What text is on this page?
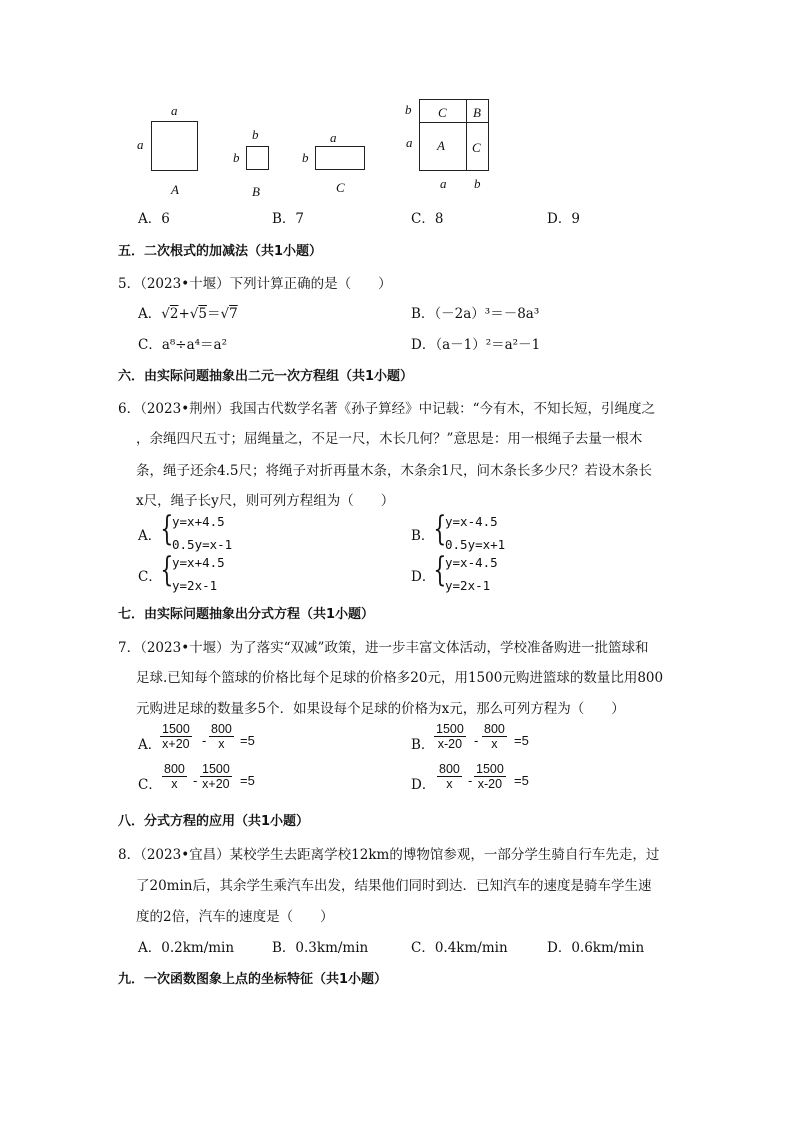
a
a
A
b
b
B
a
b
C
b
a
C B
A C
a b
A．6	B．7	C．8	D．9
五．二次根式的加减法（共1小题）
5．（2023•十堰）下列计算正确的是（　　）
A．√2+√5＝√7	B．（－2a）³＝－8a³
C．a⁸÷a⁴＝a²	D．（a－1）²＝a²－1
六．由实际问题抽象出二元一次方程组（共1小题）
6．（2023•荆州）我国古代数学名著《孙子算经》中记载：“今有木，不知长短，引绳度之
，余绳四尺五寸；屈绳量之，不足一尺，木长几何？”意思是：用一根绳子去量一根木
条，绳子还余4.5尺；将绳子对折再量木条，木条余1尺，问木条长多少尺？若设木条长
x尺，绳子长y尺，则可列方程组为（　　）
A． {
y=x+4.5
0.5y=x-1
B．
{
y=x-4.5
0.5y=x+1
C．
{
y=x+4.5
y=2x-1
D．
{
y=x-4.5
y=2x-1
七．由实际问题抽象出分式方程（共1小题）
7．（2023•十堰）为了落实“双减”政策，进一步丰富文体活动，学校准备购进一批篮球和
足球.已知每个篮球的价格比每个足球的价格多20元，用1500元购进篮球的数量比用800
元购进足球的数量多5个．如果设每个足球的价格为x元，那么可列方程为（　　）
A．
$\frac{1500}{x+20} - \frac{800}{x} =5$	B． $\frac{1500}{x-20} - \frac{800}{x} =5$
C． $\frac{800}{x} - \frac{1500}{x+20} =5$	D． $\frac{800}{x} - \frac{1500}{x-20} =5$
八．分式方程的应用（共1小题）
8．（2023•宜昌）某校学生去距离学校12km的博物馆参观，一部分学生骑自行车先走，过
了20min后，其余学生乘汽车出发，结果他们同时到达．已知汽车的速度是骑车学生速
度的2倍，汽车的速度是（　　）
A．0.2km/min	B．0.3km/min	C．0.4km/min	D．0.6km/min
九．一次函数图象上点的坐标特征（共1小题）
